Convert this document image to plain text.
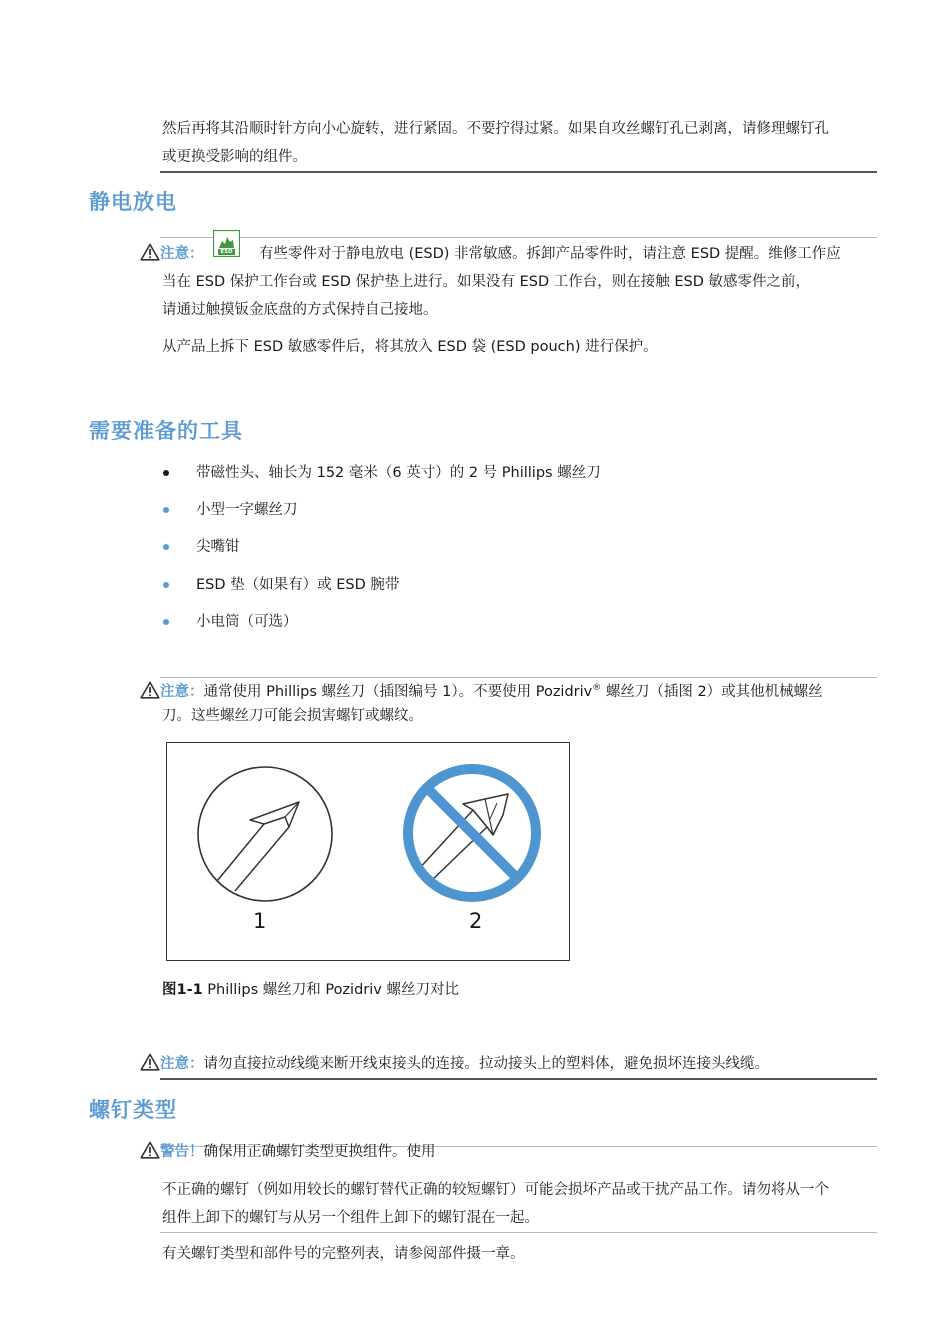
然后再将其沿顺时针方向小心旋转，进行紧固。不要拧得过紧。如果自攻丝螺钉孔已剥离，请修理螺钉孔
或更换受影响的组件。
静电放电
注意：	ESD 有些零件对于静电放电 (ESD) 非常敏感。拆卸产品零件时，请注意 ESD 提醒。维修工作应
当在 ESD 保护工作台或 ESD 保护垫上进行。如果没有 ESD 工作台，则在接触 ESD 敏感零件之前，
请通过触摸钣金底盘的方式保持自己接地。
从产品上拆下 ESD 敏感零件后，将其放入 ESD 袋 (ESD pouch) 进行保护。
需要准备的工具
带磁性头、轴长为 152 毫米（6 英寸）的 2 号 Phillips 螺丝刀
小型一字螺丝刀
尖嘴钳
ESD 垫（如果有）或 ESD 腕带
小电筒（可选）
注意：通常使用 Phillips 螺丝刀（插图编号 1）。不要使用 Pozidriv® 螺丝刀（插图 2）或其他机械螺丝
刀。这些螺丝刀可能会损害螺钉或螺纹。
1	2
图1-1 Phillips 螺丝刀和 Pozidriv 螺丝刀对比
注意：请勿直接拉动线缆来断开线束接头的连接。拉动接头上的塑料体，避免损坏连接头线缆。
螺钉类型
警告！确保用正确螺钉类型更换组件。使用
不正确的螺钉（例如用较长的螺钉替代正确的较短螺钉）可能会损坏产品或干扰产品工作。请勿将从一个
组件上卸下的螺钉与从另一个组件上卸下的螺钉混在一起。
有关螺钉类型和部件号的完整列表，请参阅部件摄一章。
